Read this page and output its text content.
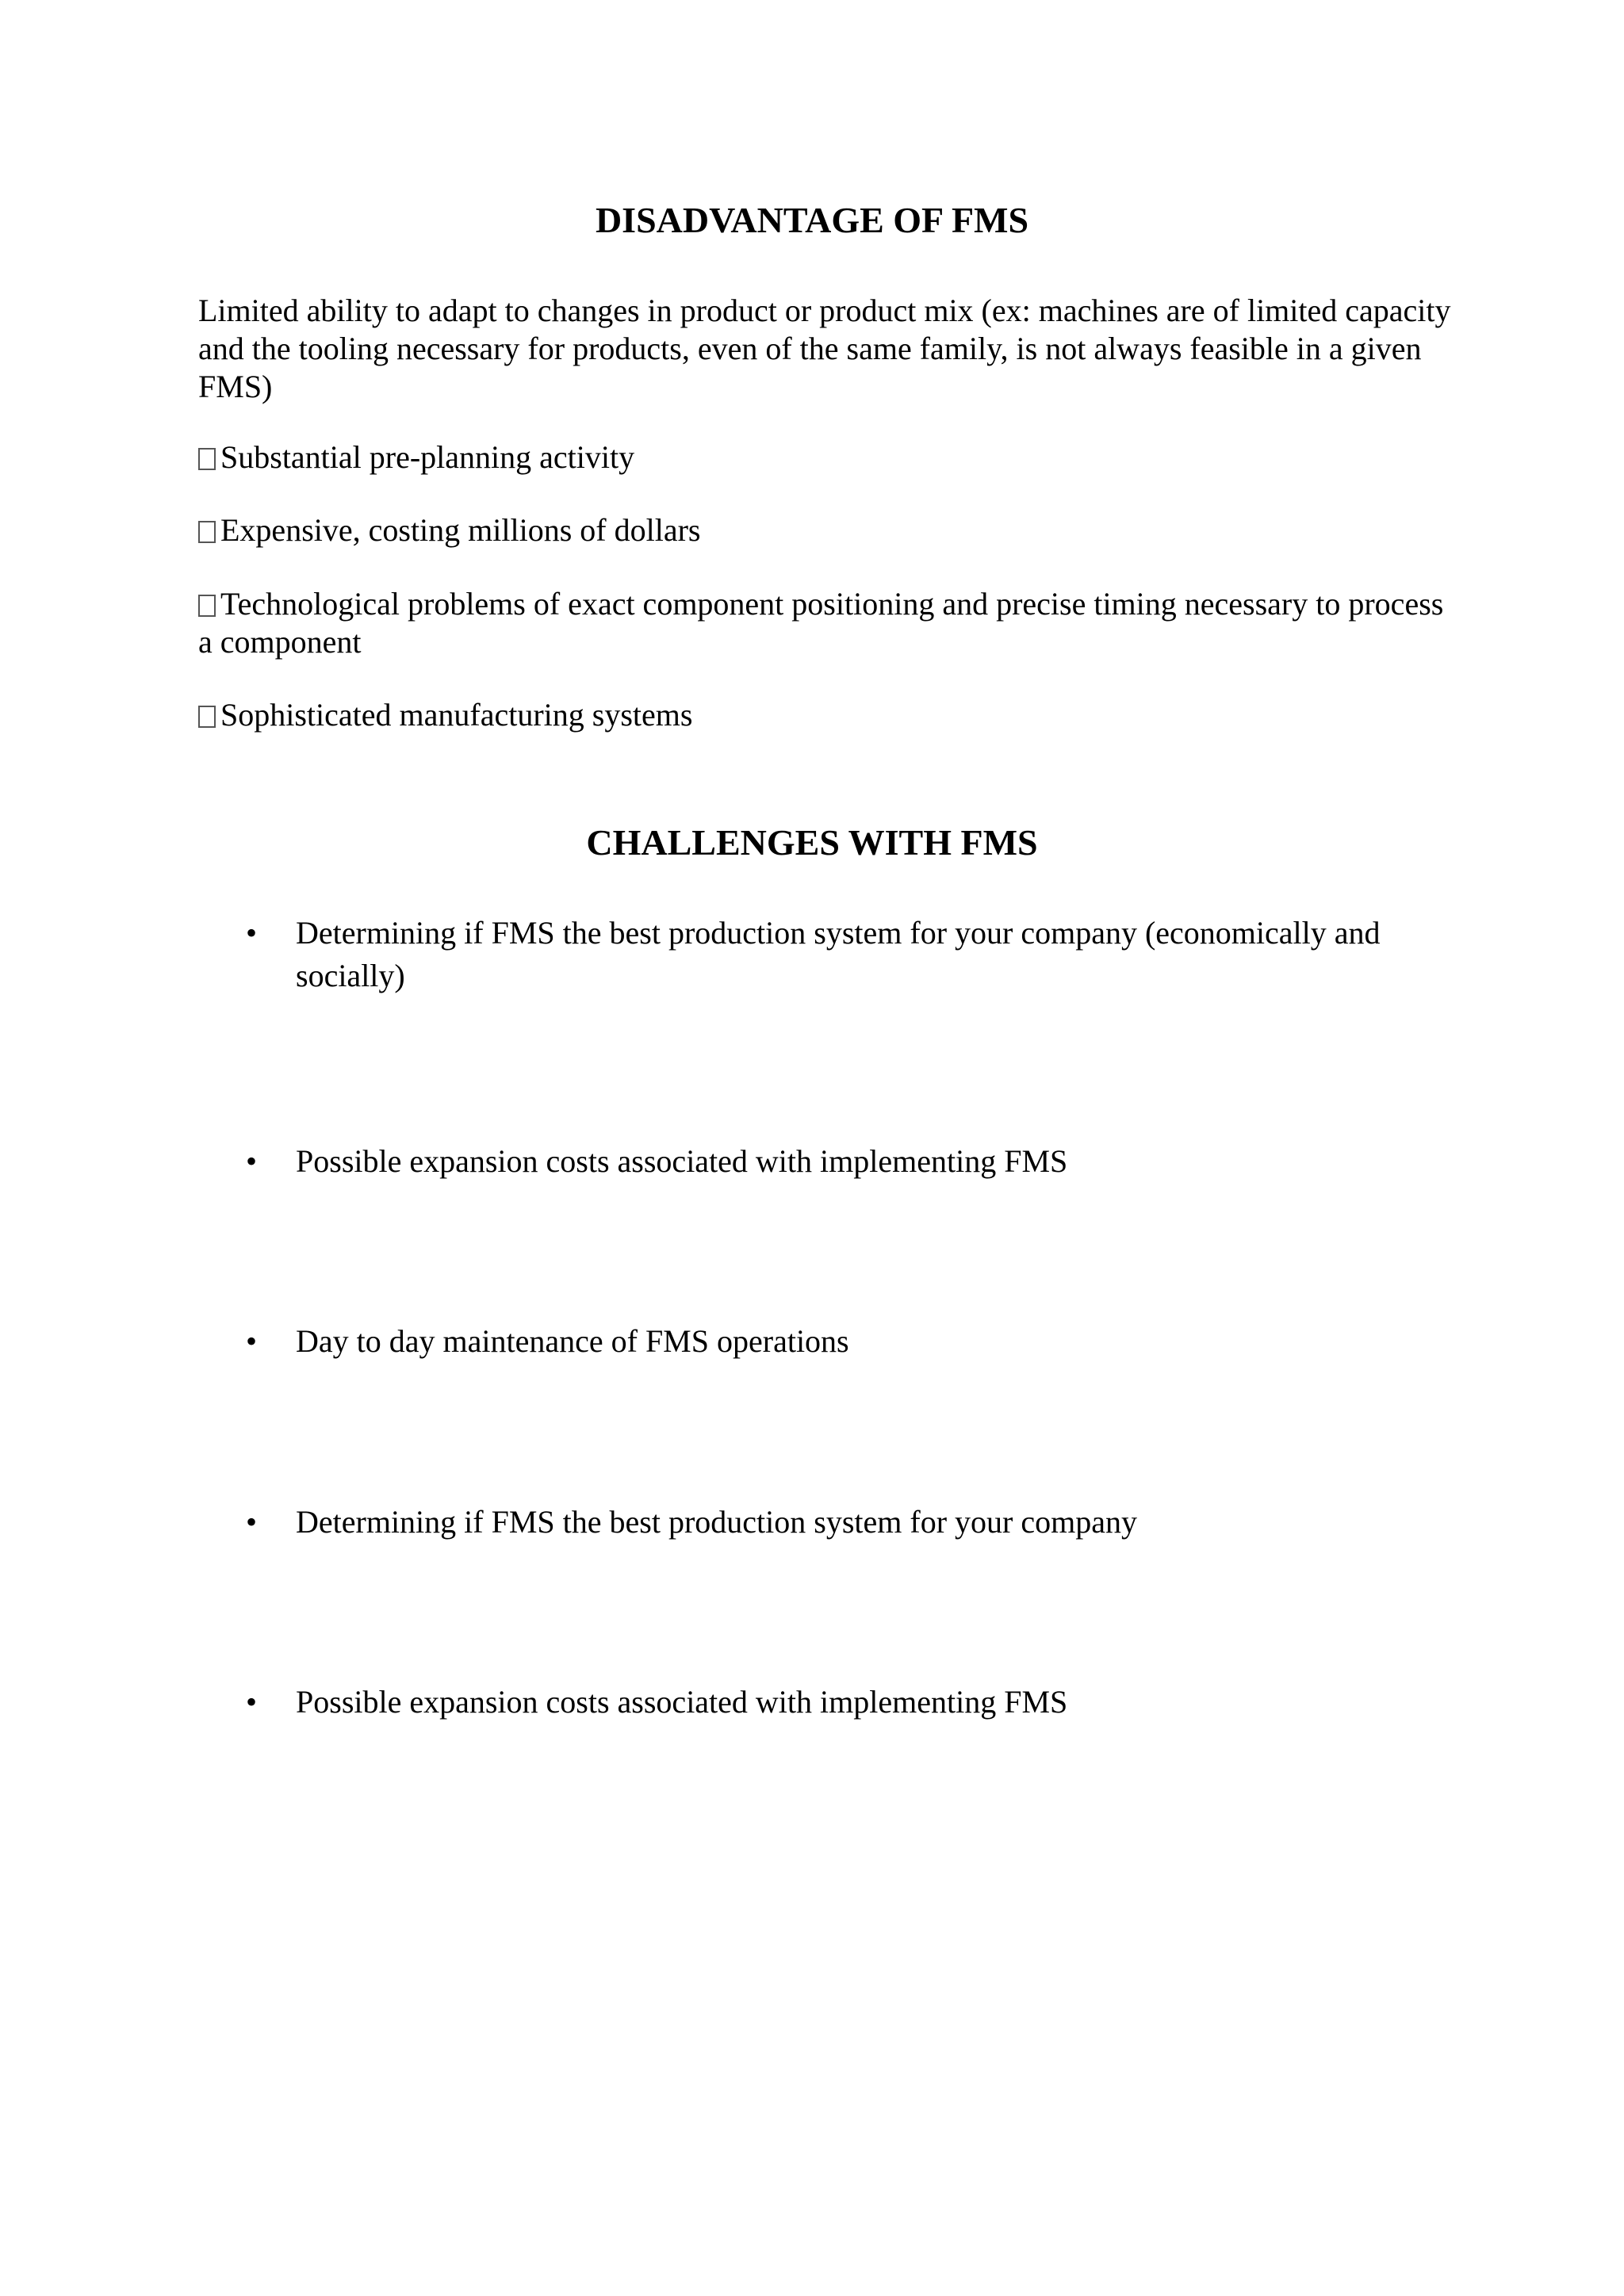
DISADVANTAGE OF FMS

Limited ability to adapt to changes in product or product mix (ex: machines are of limited capacity and the tooling necessary for products, even of the same family, is not always feasible in a given FMS)

Substantial pre-planning activity

Expensive, costing millions of dollars

Technological problems of exact component positioning and precise timing necessary to process a component

Sophisticated manufacturing systems

CHALLENGES WITH FMS
• Determining if FMS the best production system for your company (economically and socially)
• Possible expansion costs associated with implementing FMS
• Day to day maintenance of FMS operations
• Determining if FMS the best production system for your company
• Possible expansion costs associated with implementing FMS
